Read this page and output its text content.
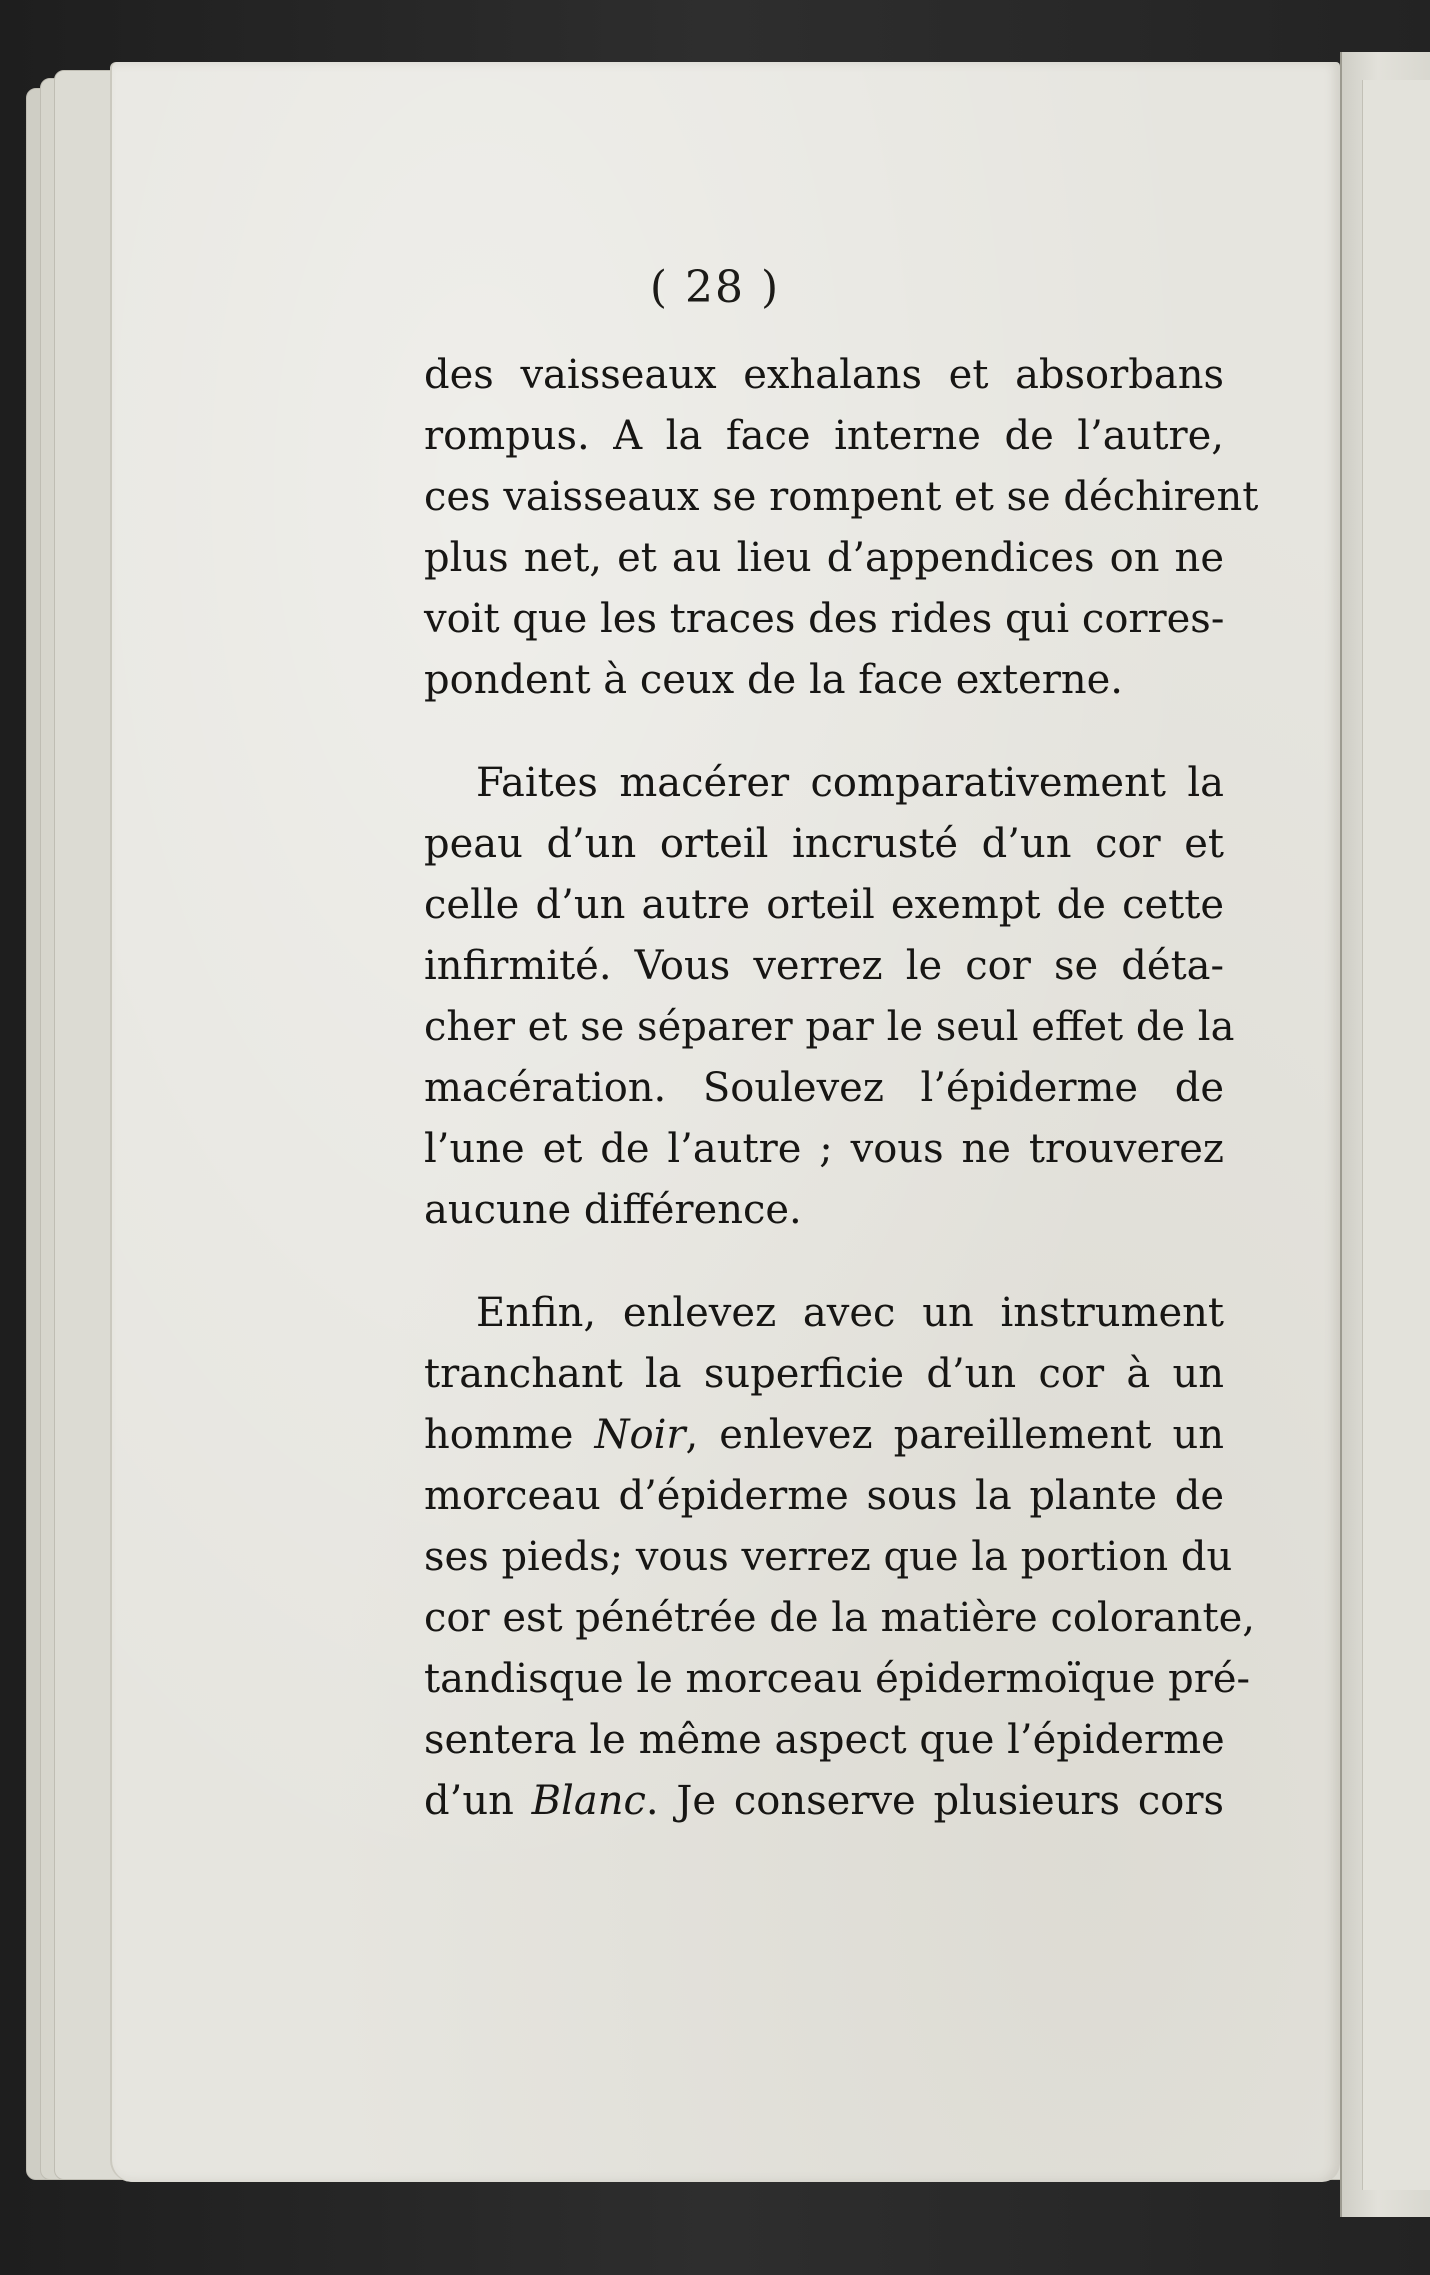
( 28 )

des vaisseaux exhalans et absorbans
rompus. A la face interne de l’autre,
ces vaisseaux se rompent et se déchirent
plus net, et au lieu d’appendices on ne
voit que les traces des rides qui corres-
pondent à ceux de la face externe.

Faites macérer comparativement la
peau d’un orteil incrusté d’un cor et
celle d’un autre orteil exempt de cette
infirmité. Vous verrez le cor se déta-
cher et se séparer par le seul effet de la
macération. Soulevez l’épiderme de
l’une et de l’autre ; vous ne trouverez
aucune différence.

Enfin, enlevez avec un instrument
tranchant la superficie d’un cor à un
homme Noir, enlevez pareillement un
morceau d’épiderme sous la plante de
ses pieds; vous verrez que la portion du
cor est pénétrée de la matière colorante,
tandisque le morceau épidermoïque pré-
sentera le même aspect que l’épiderme
d’un Blanc. Je conserve plusieurs cors
